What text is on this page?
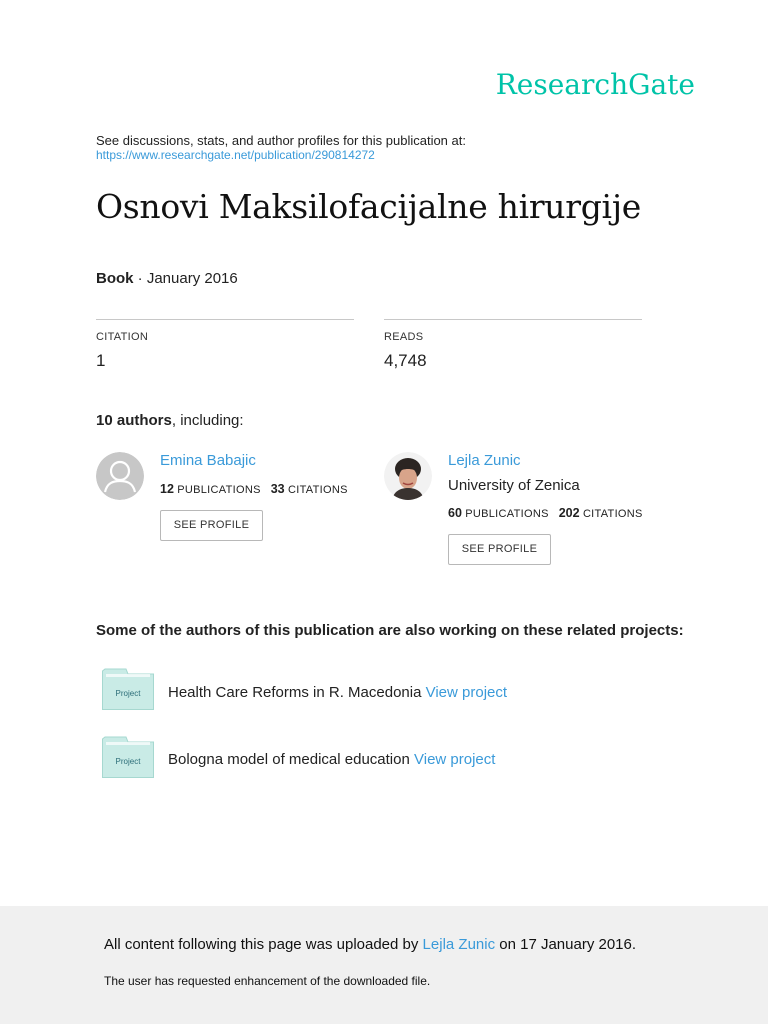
ResearchGate
See discussions, stats, and author profiles for this publication at:
https://www.researchgate.net/publication/290814272
Osnovi Maksilofacijalne hirurgije
Book · January 2016
CITATION
1
READS
4,748
10 authors, including:
Emina Babajic
12 PUBLICATIONS 33 CITATIONS
SEE PROFILE
Lejla Zunic
University of Zenica
60 PUBLICATIONS 202 CITATIONS
SEE PROFILE
Some of the authors of this publication are also working on these related projects:
Project Health Care Reforms in R. Macedonia View project
Project Bologna model of medical education View project
All content following this page was uploaded by Lejla Zunic on 17 January 2016.
The user has requested enhancement of the downloaded file.
